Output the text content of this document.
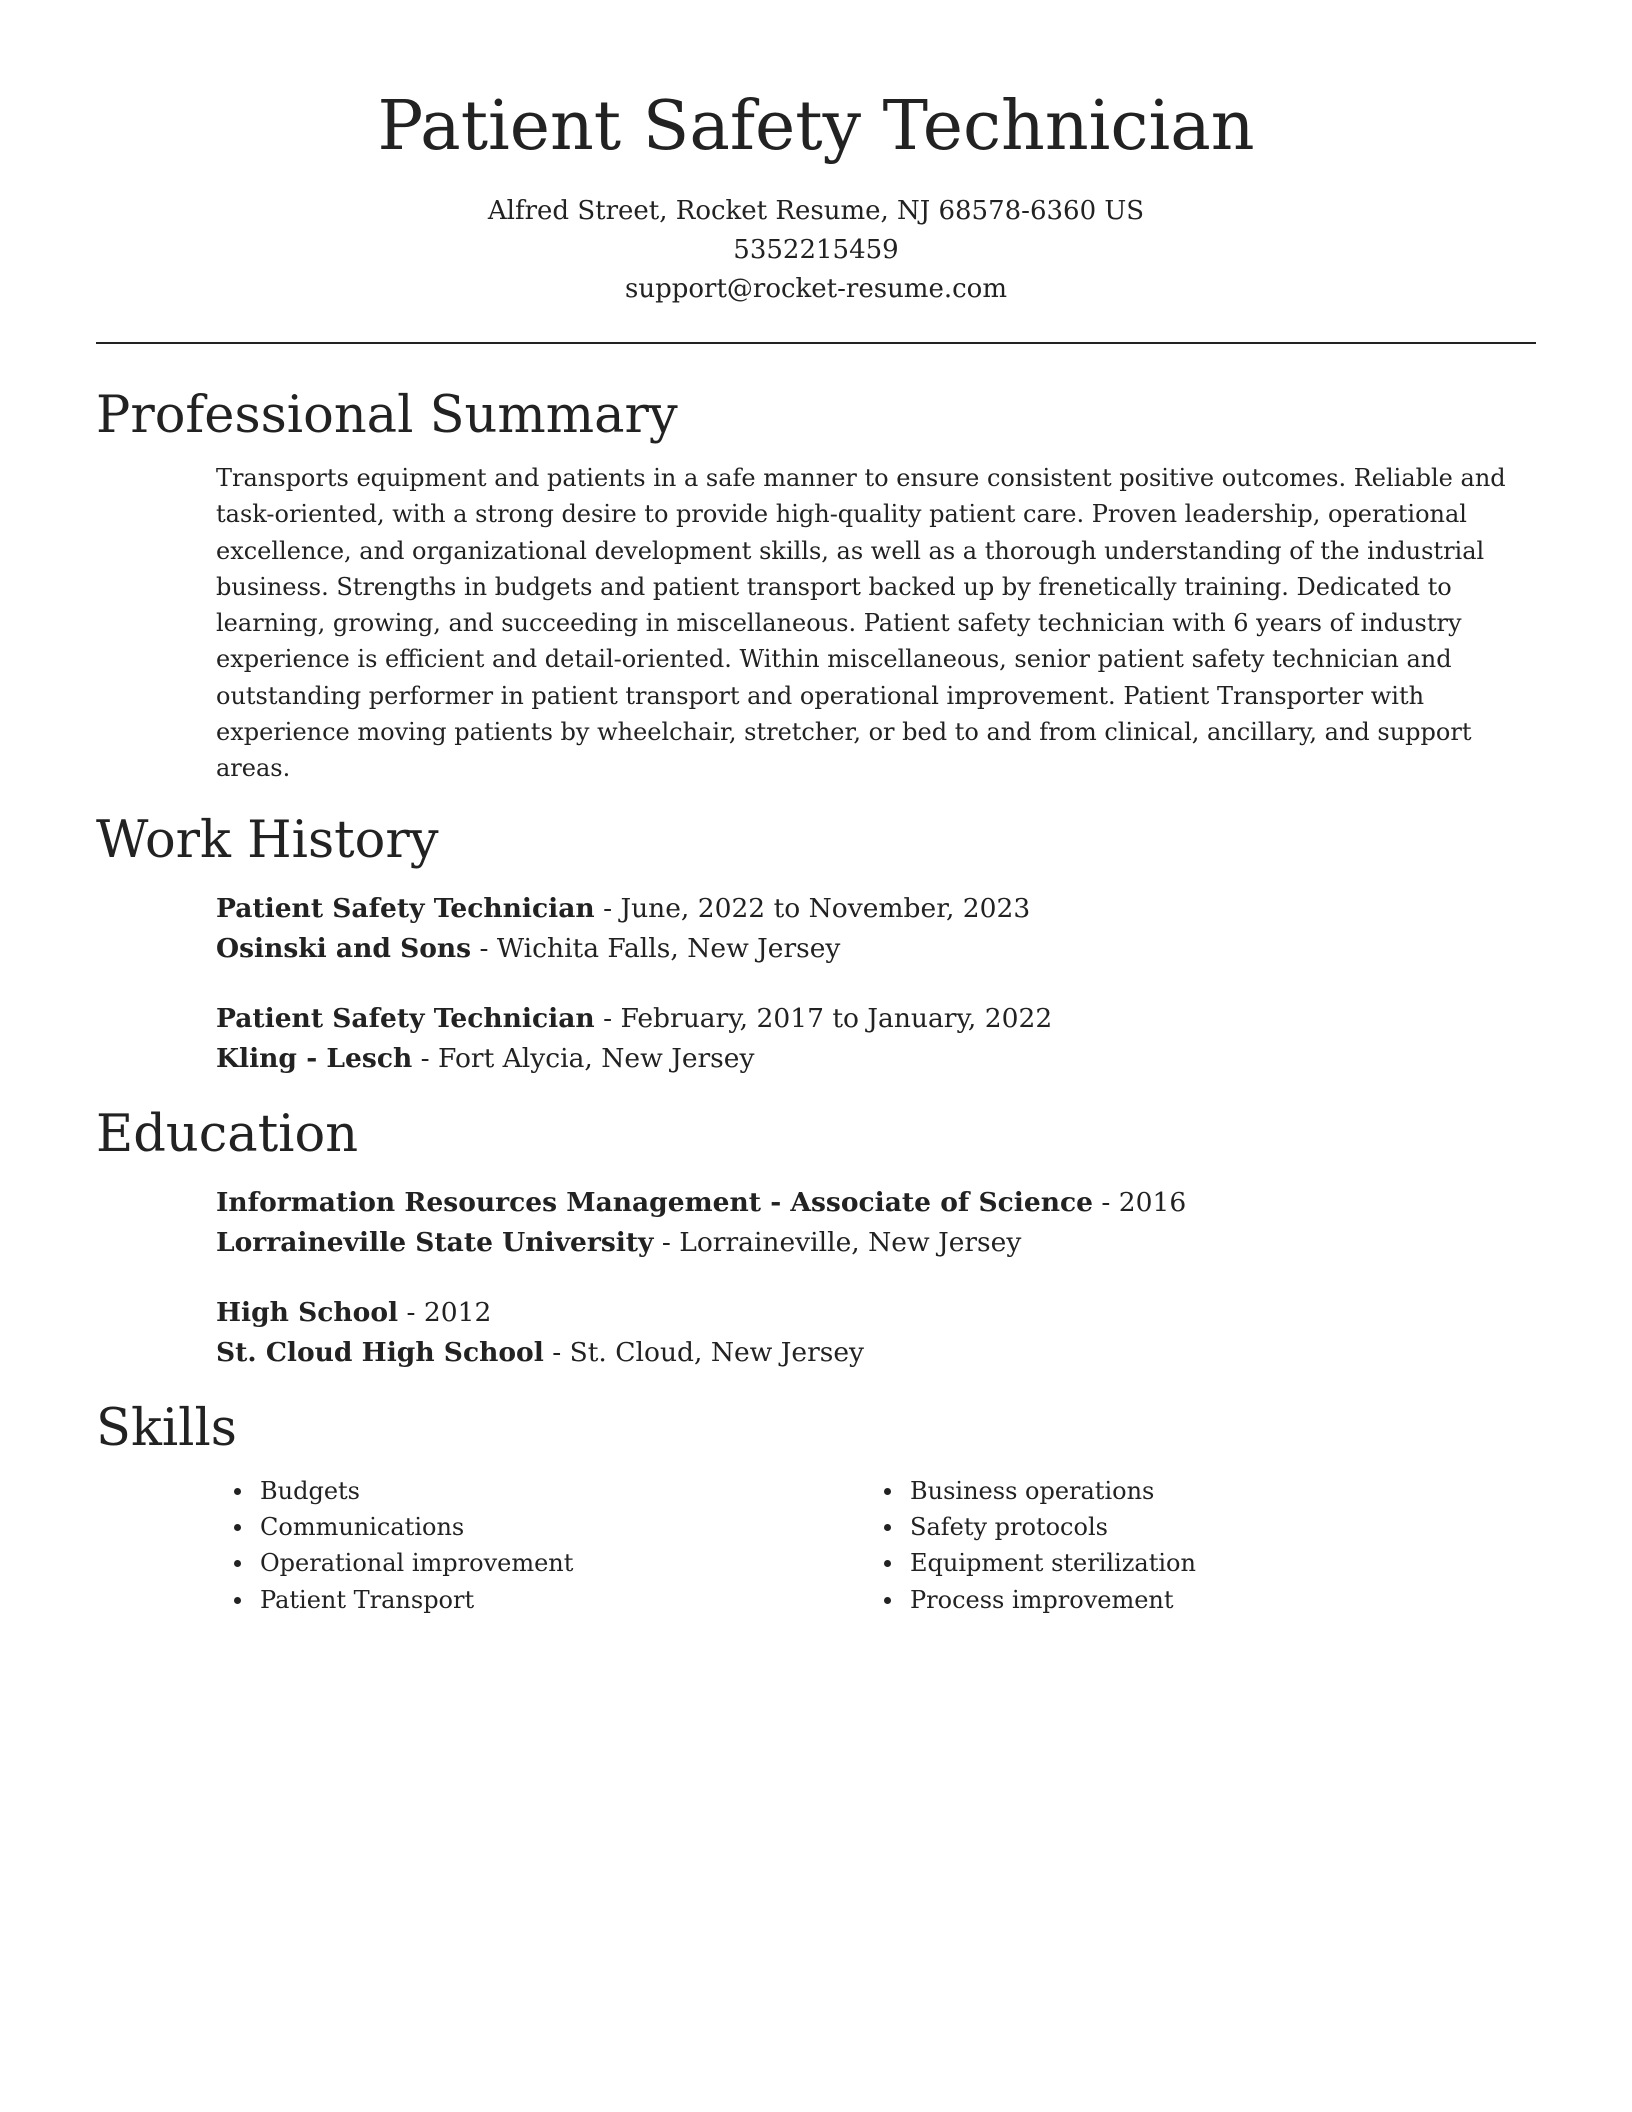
Patient Safety Technician
Alfred Street, Rocket Resume, NJ 68578-6360 US
5352215459
support@rocket-resume.com
Professional Summary
Transports equipment and patients in a safe manner to ensure consistent positive outcomes. Reliable and task-oriented, with a strong desire to provide high-quality patient care. Proven leadership, operational excellence, and organizational development skills, as well as a thorough understanding of the industrial business. Strengths in budgets and patient transport backed up by frenetically training. Dedicated to learning, growing, and succeeding in miscellaneous. Patient safety technician with 6 years of industry experience is efficient and detail-oriented. Within miscellaneous, senior patient safety technician and outstanding performer in patient transport and operational improvement. Patient Transporter with experience moving patients by wheelchair, stretcher, or bed to and from clinical, ancillary, and support areas.
Work History
Patient Safety Technician - June, 2022 to November, 2023
Osinski and Sons - Wichita Falls, New Jersey
Patient Safety Technician - February, 2017 to January, 2022
Kling - Lesch - Fort Alycia, New Jersey
Education
Information Resources Management - Associate of Science - 2016
Lorraineville State University - Lorraineville, New Jersey
High School - 2012
St. Cloud High School - St. Cloud, New Jersey
Skills
Budgets
Communications
Operational improvement
Patient Transport
Business operations
Safety protocols
Equipment sterilization
Process improvement
